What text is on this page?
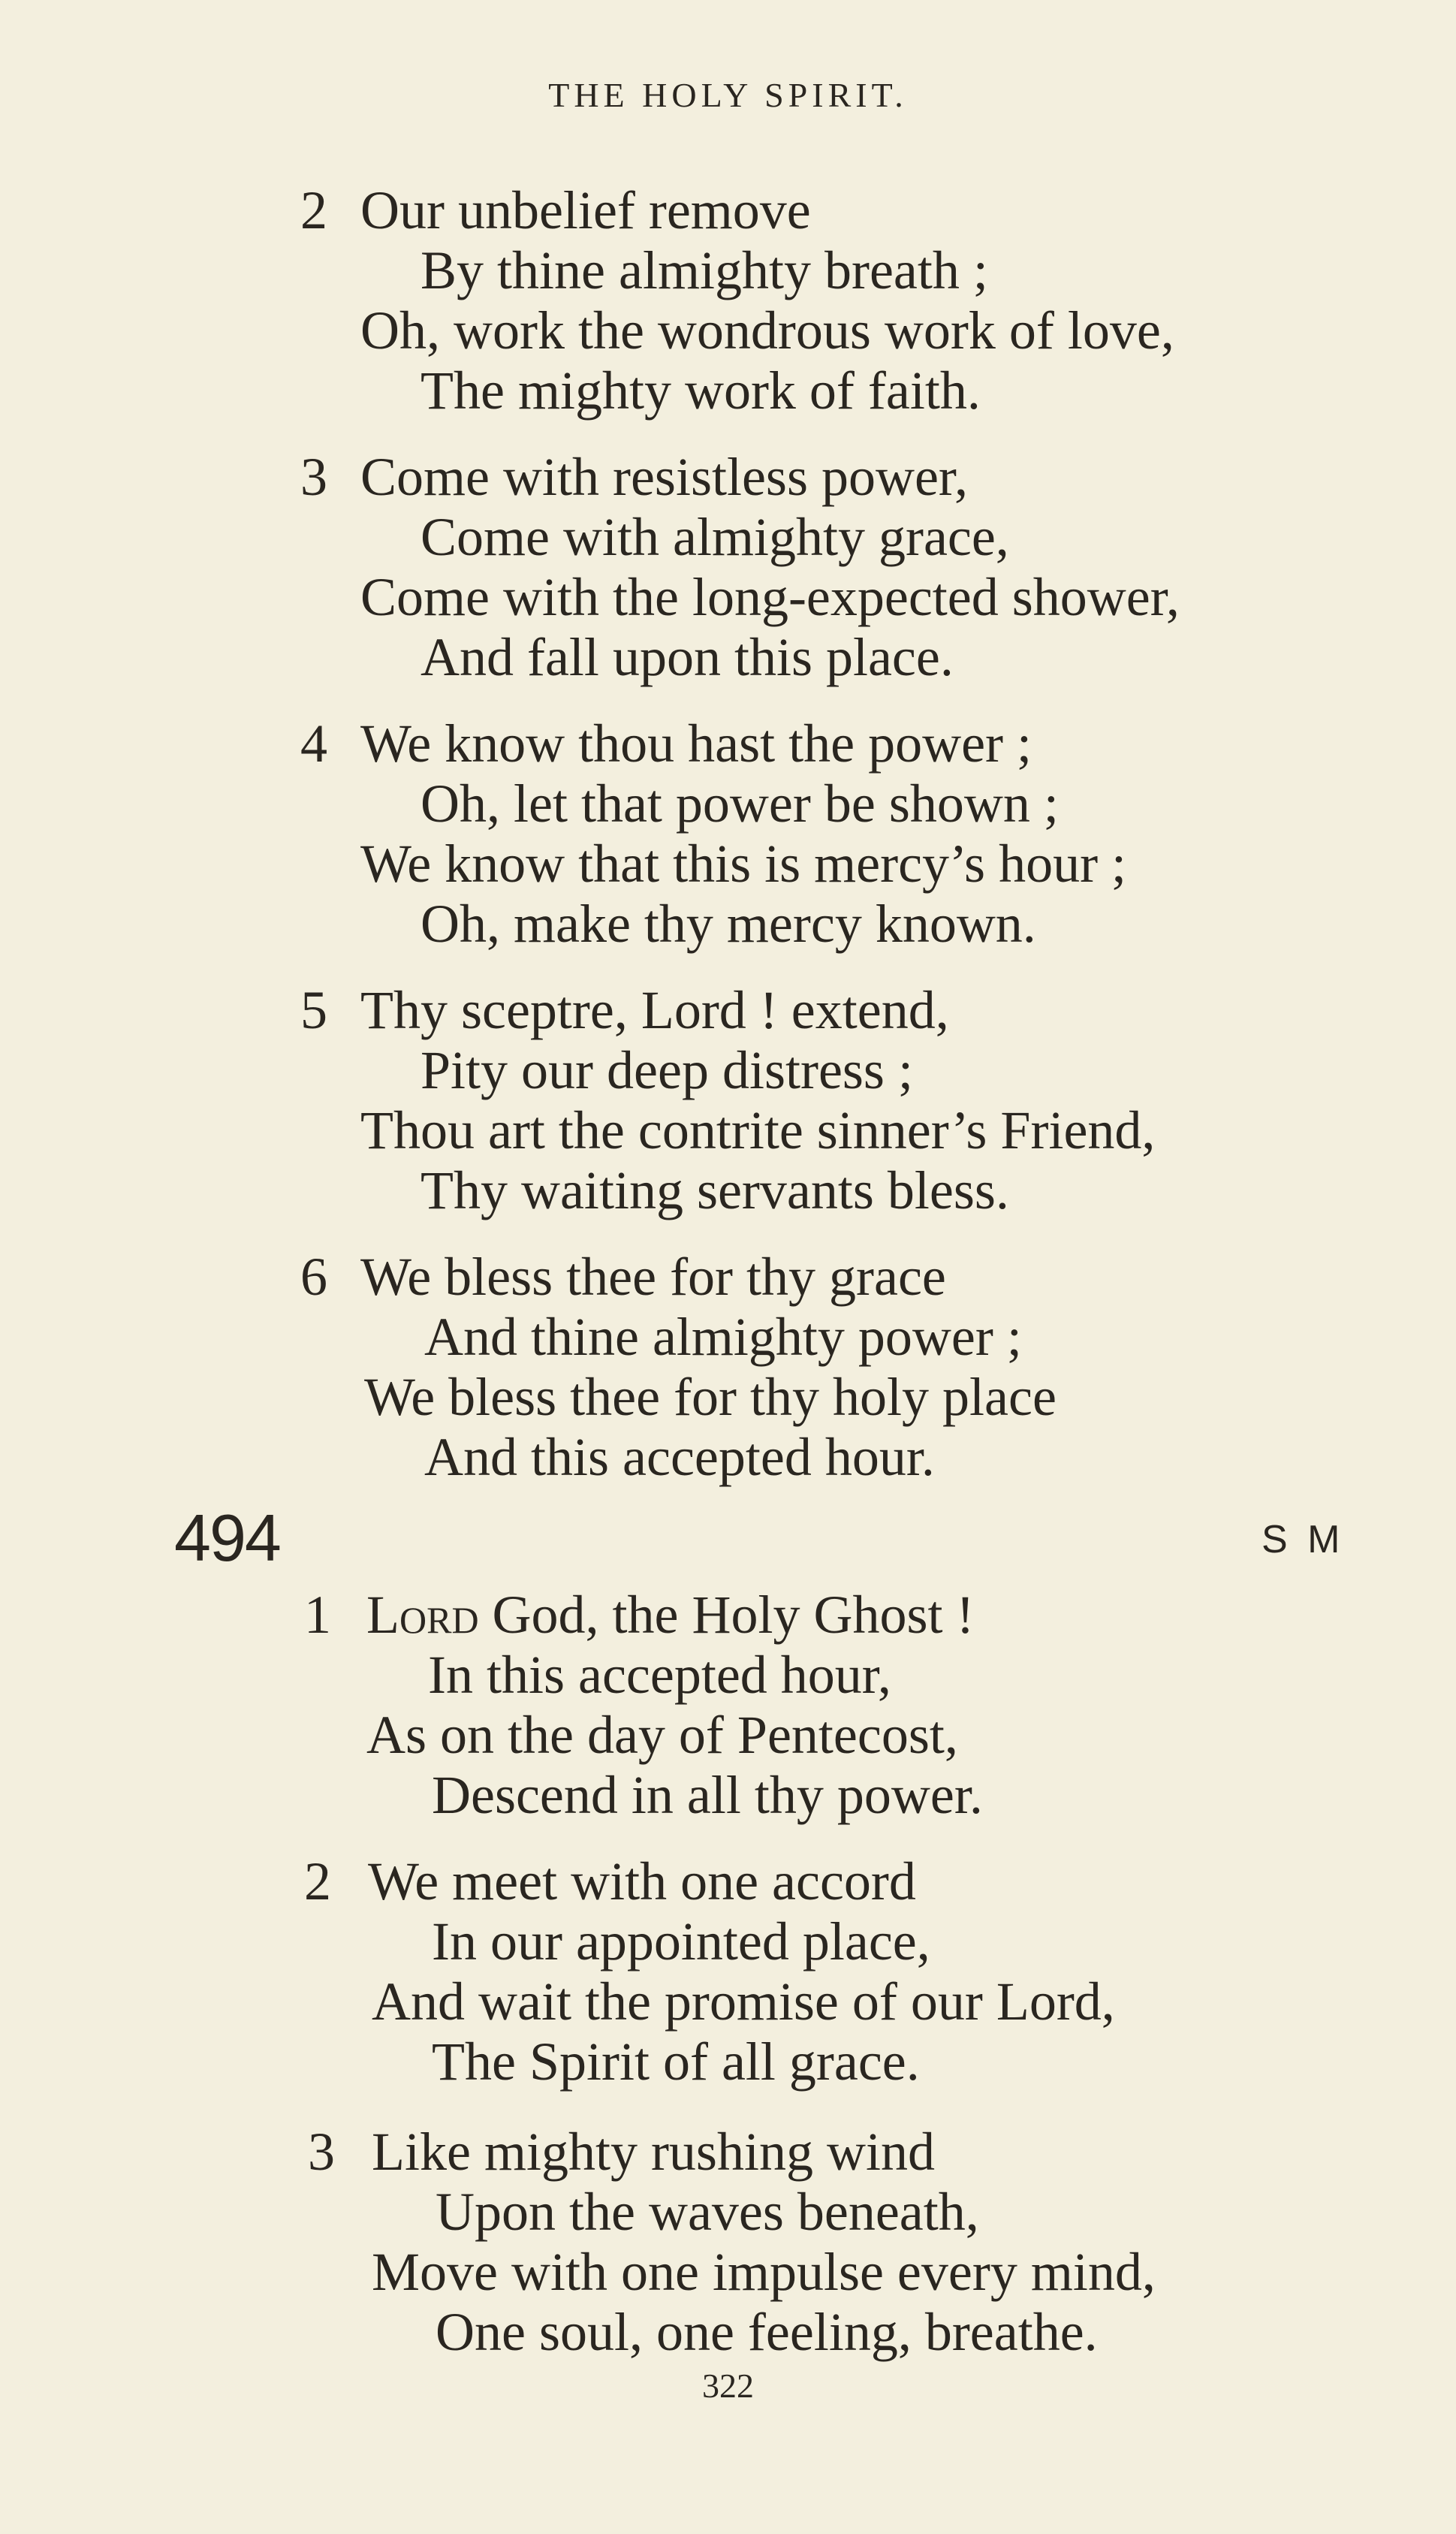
THE HOLY SPIRIT.
2 Our unbelief remove
By thine almighty breath ;
Oh, work the wondrous work of love,
The mighty work of faith.
3 Come with resistless power,
Come with almighty grace,
Come with the long-expected shower,
And fall upon this place.
4 We know thou hast the power ;
Oh, let that power be shown ;
We know that this is mercy’s hour ;
Oh, make thy mercy known.
5 Thy sceptre, Lord ! extend,
Pity our deep distress ;
Thou art the contrite sinner’s Friend,
Thy waiting servants bless.
6 We bless thee for thy grace
And thine almighty power ;
We bless thee for thy holy place
And this accepted hour.
494	S M
1 Lord God, the Holy Ghost !
In this accepted hour,
As on the day of Pentecost,
Descend in all thy power.
2 We meet with one accord
In our appointed place,
And wait the promise of our Lord,
The Spirit of all grace.
3 Like mighty rushing wind
Upon the waves beneath,
Move with one impulse every mind,
One soul, one feeling, breathe.
322
